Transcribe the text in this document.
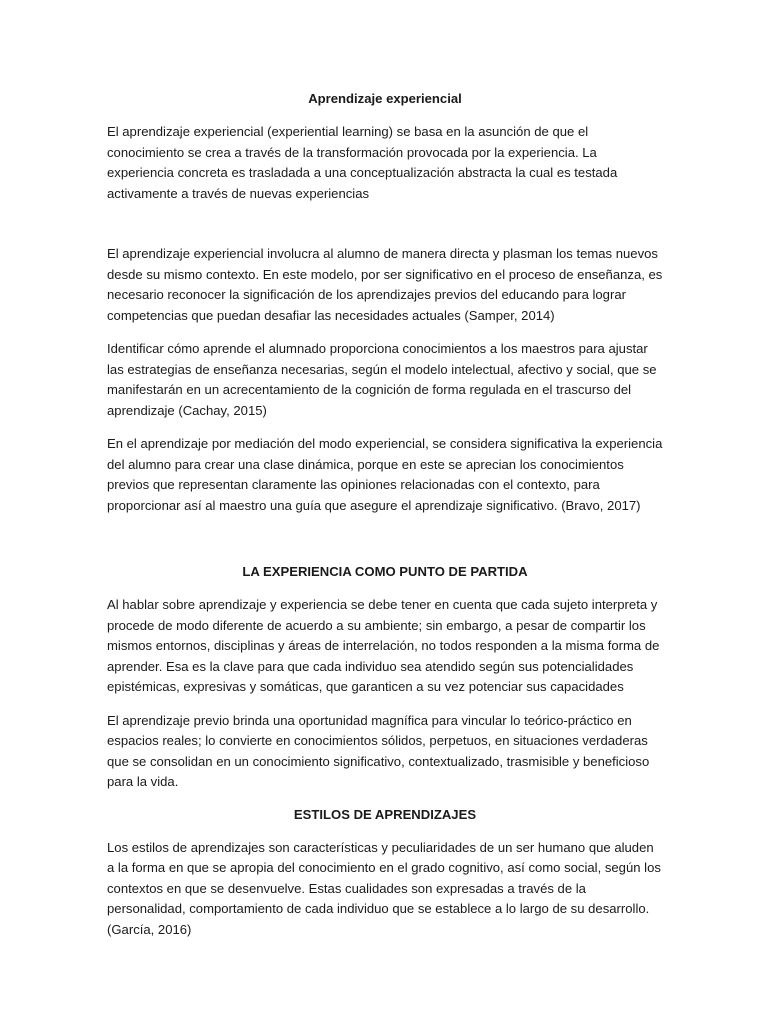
Aprendizaje experiencial

El aprendizaje experiencial (experiential learning) se basa en la asunción de que el conocimiento se crea a través de la transformación provocada por la experiencia. La experiencia concreta es trasladada a una conceptualización abstracta la cual es testada activamente a través de nuevas experiencias

El aprendizaje experiencial involucra al alumno de manera directa y plasman los temas nuevos desde su mismo contexto. En este modelo, por ser significativo en el proceso de enseñanza, es necesario reconocer la significación de los aprendizajes previos del educando para lograr competencias que puedan desafiar las necesidades actuales (Samper, 2014)

Identificar cómo aprende el alumnado proporciona conocimientos a los maestros para ajustar las estrategias de enseñanza necesarias, según el modelo intelectual, afectivo y social, que se manifestarán en un acrecentamiento de la cognición de forma regulada en el trascurso del aprendizaje (Cachay, 2015)

En el aprendizaje por mediación del modo experiencial, se considera significativa la experiencia del alumno para crear una clase dinámica, porque en este se aprecian los conocimientos previos que representan claramente las opiniones relacionadas con el contexto, para proporcionar así al maestro una guía que asegure el aprendizaje significativo. (Bravo, 2017)

LA EXPERIENCIA COMO PUNTO DE PARTIDA

Al hablar sobre aprendizaje y experiencia se debe tener en cuenta que cada sujeto interpreta y procede de modo diferente de acuerdo a su ambiente; sin embargo, a pesar de compartir los mismos entornos, disciplinas y áreas de interrelación, no todos responden a la misma forma de aprender. Esa es la clave para que cada individuo sea atendido según sus potencialidades epistémicas, expresivas y somáticas, que garanticen a su vez potenciar sus capacidades

El aprendizaje previo brinda una oportunidad magnífica para vincular lo teórico-práctico en espacios reales; lo convierte en conocimientos sólidos, perpetuos, en situaciones verdaderas que se consolidan en un conocimiento significativo, contextualizado, trasmisible y beneficioso para la vida.

ESTILOS DE APRENDIZAJES

Los estilos de aprendizajes son características y peculiaridades de un ser humano que aluden a la forma en que se apropia del conocimiento en el grado cognitivo, así como social, según los contextos en que se desenvuelve. Estas cualidades son expresadas a través de la personalidad, comportamiento de cada individuo que se establece a lo largo de su desarrollo. (García, 2016)
